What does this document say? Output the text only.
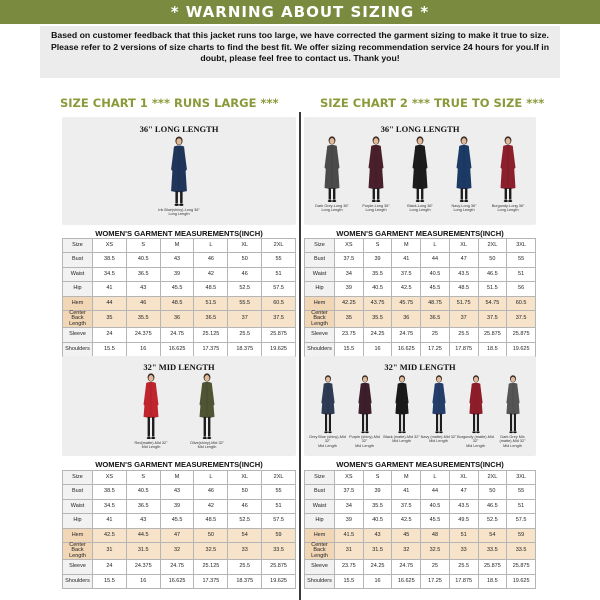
* WARNING ABOUT SIZING *
Based on customer feedback that this jacket runs too large, we have corrected the garment sizing to make it true to size. Please refer to 2 versions of size charts to find the best fit. We offer sizing recommendation service 24 hours for you.If in doubt, please feel free to contact us. Thank you!
SIZE CHART 1 *** RUNS LARGE ***	SIZE CHART 2 *** TRUE TO SIZE ***
36" LONG LENGTH
Ink Blue(shiny)-Long 36"
Long Length
WOMEN'S GARMENT MEASUREMENTS(INCH)
Size	XS	S	M	L	XL	2XL
Bust	38.5	40.5	43	46	50	55
Waist	34.5	36.5	39	42	46	51
Hip	41	43	45.5	48.5	52.5	57.5
Hem	44	46	48.5	51.5	55.5	60.5
Center Back Length	35	35.5	36	36.5	37	37.5
Sleeve	24	24.375	24.75	25.125	25.5	25.875
Shoulders	15.5	16	16.625	17.375	18.375	19.625
36" LONG LENGTH
Dark Grey-Long 36"
Long Length
Purple-Long 36"
Long Length
Black-Long 36"
Long Length
Navy-Long 36"
Long Length
Burgundy-Long 36"
Long Length
WOMEN'S GARMENT MEASUREMENTS(INCH)
Size	XS	S	M	L	XL	2XL	3XL
Bust	37.5	39	41	44	47	50	55
Waist	34	35.5	37.5	40.5	43.5	46.5	51
Hip	39	40.5	42.5	45.5	48.5	51.5	56
Hem	42.25	43.75	45.75	48.75	51.75	54.75	60.5
Center Back Length	35	35.5	36	36.5	37	37.5	37.5
Sleeve	23.75	24.25	24.75	25	25.5	25.875	25.875
Shoulders	15.5	16	16.625	17.25	17.875	18.5	19.625
32" MID LENGTH
Red(matte)-Mid 32"
Mid Length
Olive(shiny)-Mid 32"
Mid Length
WOMEN'S GARMENT MEASUREMENTS(INCH)
Size	XS	S	M	L	XL	2XL
Bust	38.5	40.5	43	46	50	55
Waist	34.5	36.5	39	42	46	51
Hip	41	43	45.5	48.5	52.5	57.5
Hem	42.5	44.5	47	50	54	59
Center Back Length	31	31.5	32	32.5	33	33.5
Sleeve	24	24.375	24.75	25.125	25.5	25.875
Shoulders	15.5	16	16.625	17.375	18.375	19.625
32" MID LENGTH
Grey Blue (shiny)-Mid 32"
Mid Length
Purple (shiny)-Mid 32"
Mid Length
Black (matte)-Mid 32"
Mid Length
Navy (matte)-Mid 32"
Mid Length
Burgundy (matte)-Mid 32"
Mid Length
Dark Grey Mix (matte)-Mid 32"
Mid Length
WOMEN'S GARMENT MEASUREMENTS(INCH)
Size	XS	S	M	L	XL	2XL	3XL
Bust	37.5	39	41	44	47	50	55
Waist	34	35.5	37.5	40.5	43.5	46.5	51
Hip	39	40.5	42.5	45.5	49.5	52.5	57.5
Hem	41.5	43	45	48	51	54	59
Center Back Length	31	31.5	32	32.5	33	33.5	33.5
Sleeve	23.75	24.25	24.75	25	25.5	25.875	25.875
Shoulders	15.5	16	16.625	17.25	17.875	18.5	19.625
